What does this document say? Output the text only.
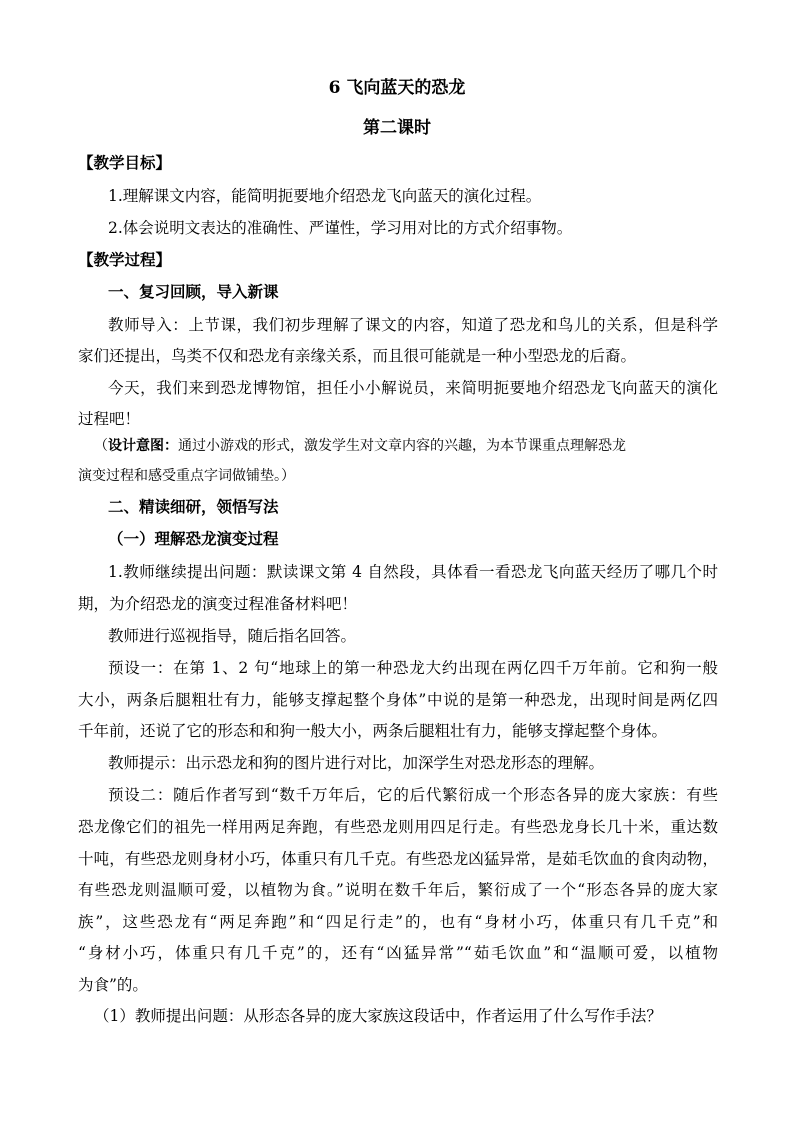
6 飞向蓝天的恐龙
第二课时
【教学目标】
1.理解课文内容，能简明扼要地介绍恐龙飞向蓝天的演化过程。
2.体会说明文表达的准确性、严谨性，学习用对比的方式介绍事物。
【教学过程】
一、复习回顾，导入新课
教师导入：上节课，我们初步理解了课文的内容，知道了恐龙和鸟儿的关系，但是科学
家们还提出，鸟类不仅和恐龙有亲缘关系，而且很可能就是一种小型恐龙的后裔。
今天，我们来到恐龙博物馆，担任小小解说员，来简明扼要地介绍恐龙飞向蓝天的演化
过程吧！
（设计意图：通过小游戏的形式，激发学生对文章内容的兴趣，为本节课重点理解恐龙
演变过程和感受重点字词做铺垫。）
二、精读细研，领悟写法
（一）理解恐龙演变过程
1.教师继续提出问题：默读课文第 4 自然段，具体看一看恐龙飞向蓝天经历了哪几个时
期，为介绍恐龙的演变过程准备材料吧！
教师进行巡视指导，随后指名回答。
预设一：在第 1、2 句“地球上的第一种恐龙大约出现在两亿四千万年前。它和狗一般
大小，两条后腿粗壮有力，能够支撑起整个身体”中说的是第一种恐龙，出现时间是两亿四
千年前，还说了它的形态和和狗一般大小，两条后腿粗壮有力，能够支撑起整个身体。
教师提示：出示恐龙和狗的图片进行对比，加深学生对恐龙形态的理解。
预设二：随后作者写到“数千万年后，它的后代繁衍成一个形态各异的庞大家族：有些
恐龙像它们的祖先一样用两足奔跑，有些恐龙则用四足行走。有些恐龙身长几十米，重达数
十吨，有些恐龙则身材小巧，体重只有几千克。有些恐龙凶猛异常，是茹毛饮血的食肉动物，
有些恐龙则温顺可爱，以植物为食。”说明在数千年后，繁衍成了一个“形态各异的庞大家
族”，这些恐龙有“两足奔跑”和“四足行走”的，也有“身材小巧，体重只有几千克”和
“身材小巧，体重只有几千克”的，还有“凶猛异常”“茹毛饮血”和“温顺可爱，以植物
为食”的。
（1）教师提出问题：从形态各异的庞大家族这段话中，作者运用了什么写作手法？
